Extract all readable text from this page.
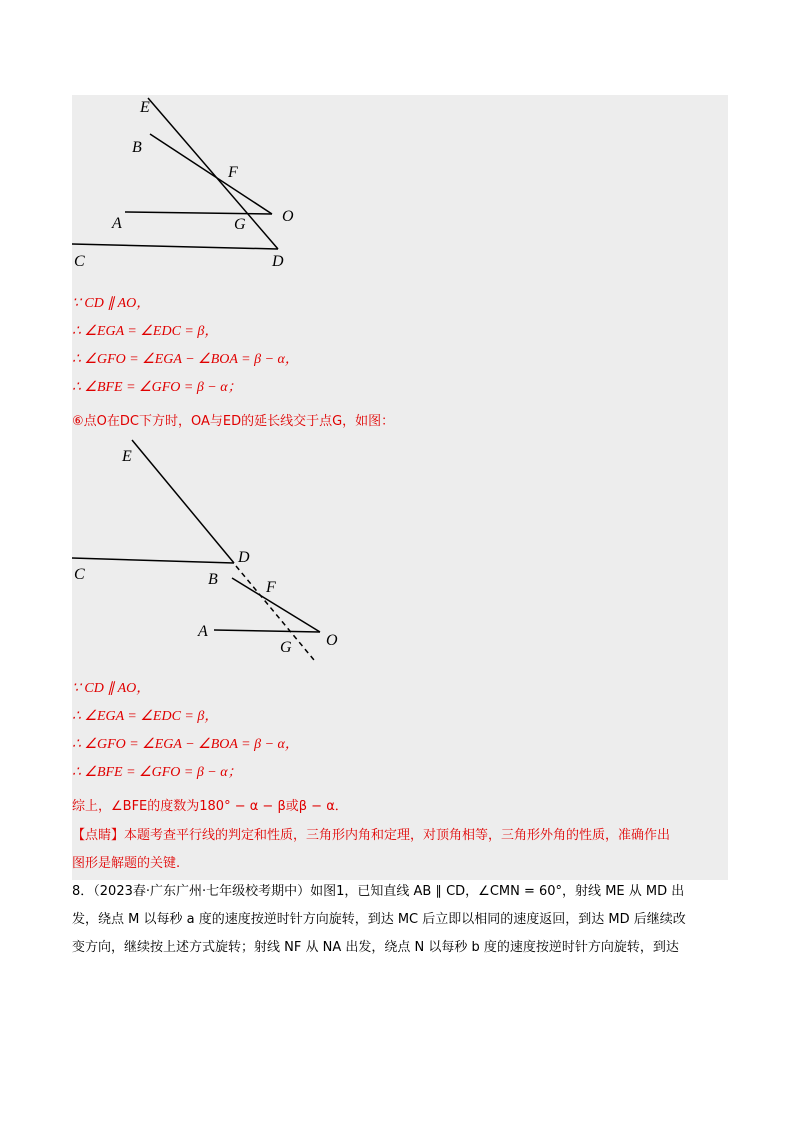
E
B
F
A	G O
C	D
∵ CD ∥ AO，
∴ ∠EGA = ∠EDC = β，
∴ ∠GFO = ∠EGA − ∠BOA = β − α，
∴ ∠BFE = ∠GFO = β − α；
⑥点O在DC下方时，OA与ED的延长线交于点G，如图：
E
D
C	B	F
A
O
G
∵ CD ∥ AO，
∴ ∠EGA = ∠EDC = β，
∴ ∠GFO = ∠EGA − ∠BOA = β − α，
∴ ∠BFE = ∠GFO = β − α；
综上，∠BFE的度数为180° − α − β或β − α．
【点睛】本题考查平行线的判定和性质，三角形内角和定理，对顶角相等，三角形外角的性质，准确作出
图形是解题的关键.
8．（2023春·广东广州·七年级校考期中）如图1，已知直线 AB ∥ CD，∠CMN = 60°，射线 ME 从 MD 出
发，绕点 M 以每秒 a 度的速度按逆时针方向旋转，到达 MC 后立即以相同的速度返回，到达 MD 后继续改
变方向，继续按上述方式旋转；射线 NF 从 NA 出发，绕点 N 以每秒 b 度的速度按逆时针方向旋转，到达
